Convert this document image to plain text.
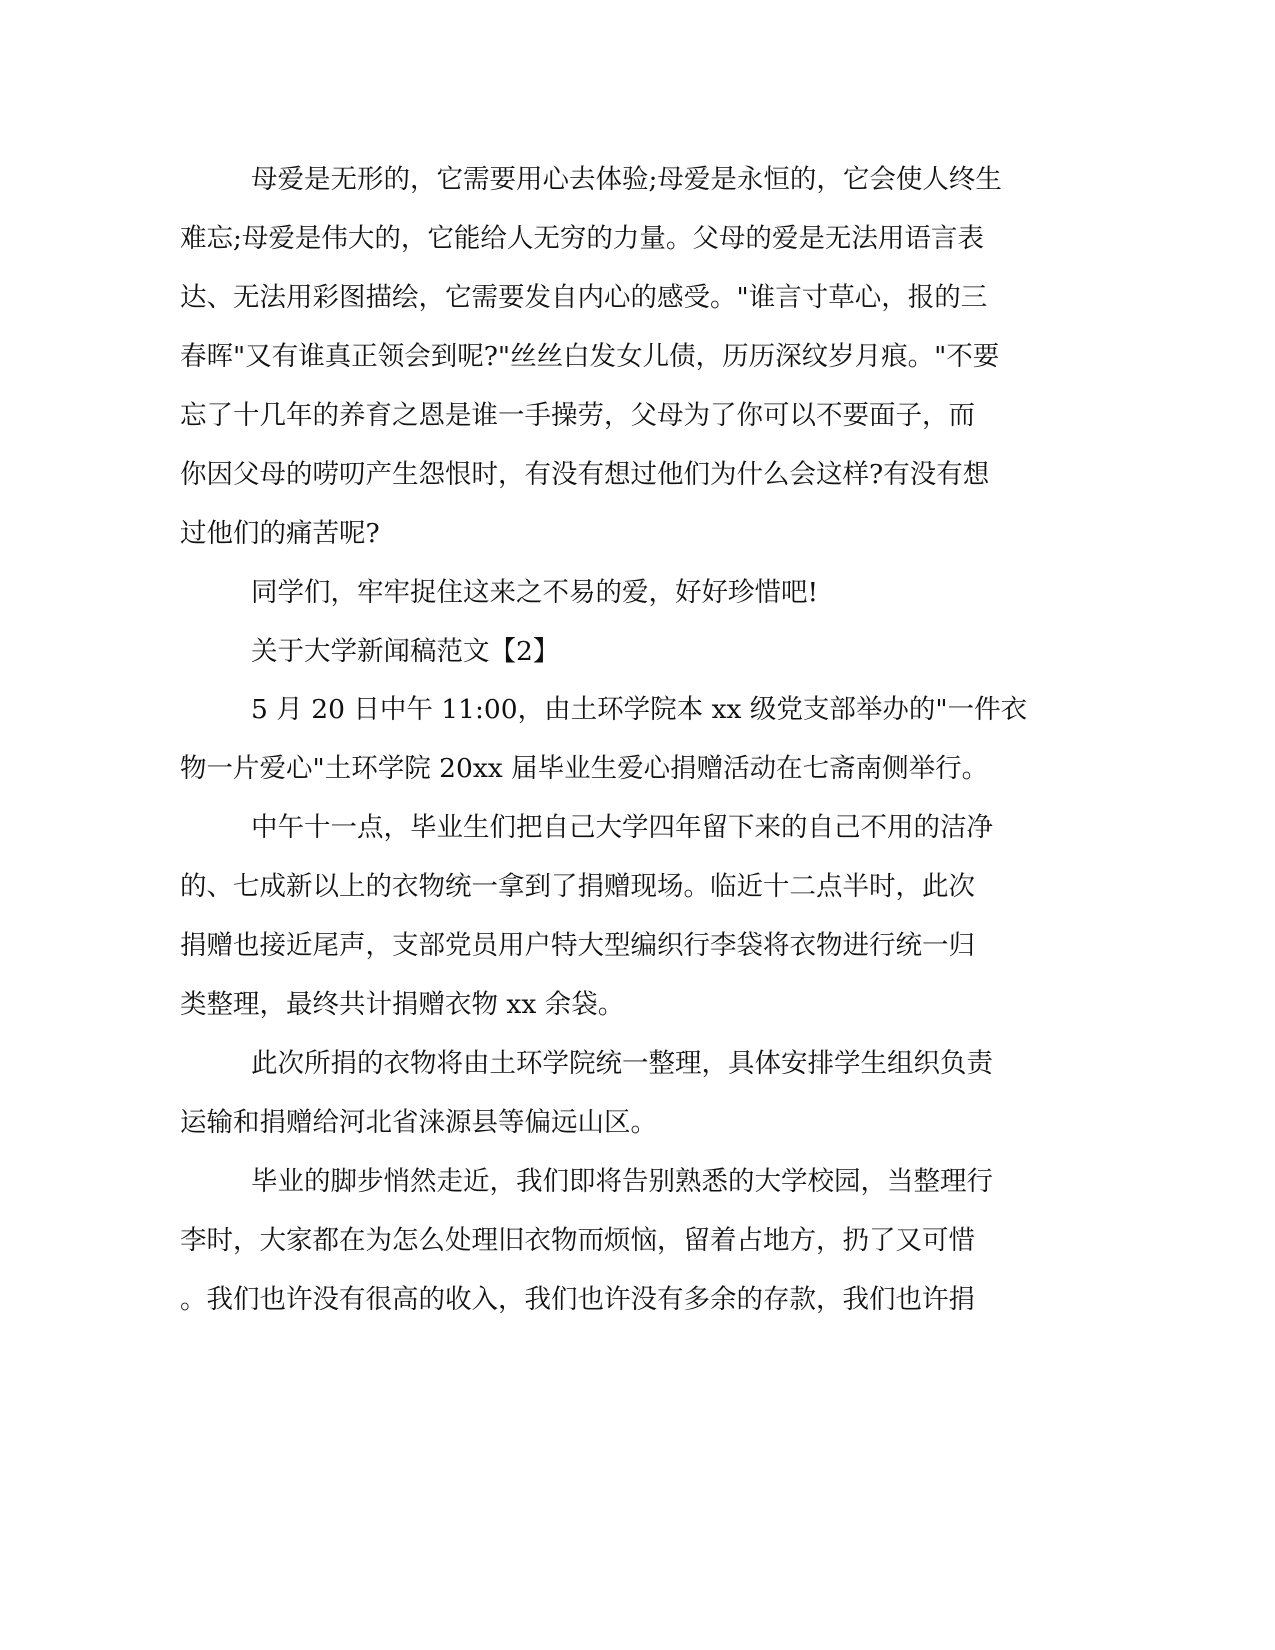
母爱是无形的，它需要用心去体验;母爱是永恒的，它会使人终生

难忘;母爱是伟大的，它能给人无穷的力量。父母的爱是无法用语言表

达、无法用彩图描绘，它需要发自内心的感受。"谁言寸草心，报的三

春晖"又有谁真正领会到呢?"丝丝白发女儿债，历历深纹岁月痕。"不要

忘了十几年的养育之恩是谁一手操劳，父母为了你可以不要面子，而

你因父母的唠叨产生怨恨时，有没有想过他们为什么会这样?有没有想

过他们的痛苦呢?

同学们，牢牢捉住这来之不易的爱，好好珍惜吧!

关于大学新闻稿范文【2】

5 月 20 日中午 11:00，由土环学院本 xx 级党支部举办的"一件衣

物一片爱心"土环学院 20xx 届毕业生爱心捐赠活动在七斋南侧举行。

中午十一点，毕业生们把自己大学四年留下来的自己不用的洁净

的、七成新以上的衣物统一拿到了捐赠现场。临近十二点半时，此次

捐赠也接近尾声，支部党员用户特大型编织行李袋将衣物进行统一归

类整理，最终共计捐赠衣物 xx 余袋。

此次所捐的衣物将由土环学院统一整理，具体安排学生组织负责

运输和捐赠给河北省涞源县等偏远山区。

毕业的脚步悄然走近，我们即将告别熟悉的大学校园，当整理行

李时，大家都在为怎么处理旧衣物而烦恼，留着占地方，扔了又可惜

。我们也许没有很高的收入，我们也许没有多余的存款，我们也许捐
